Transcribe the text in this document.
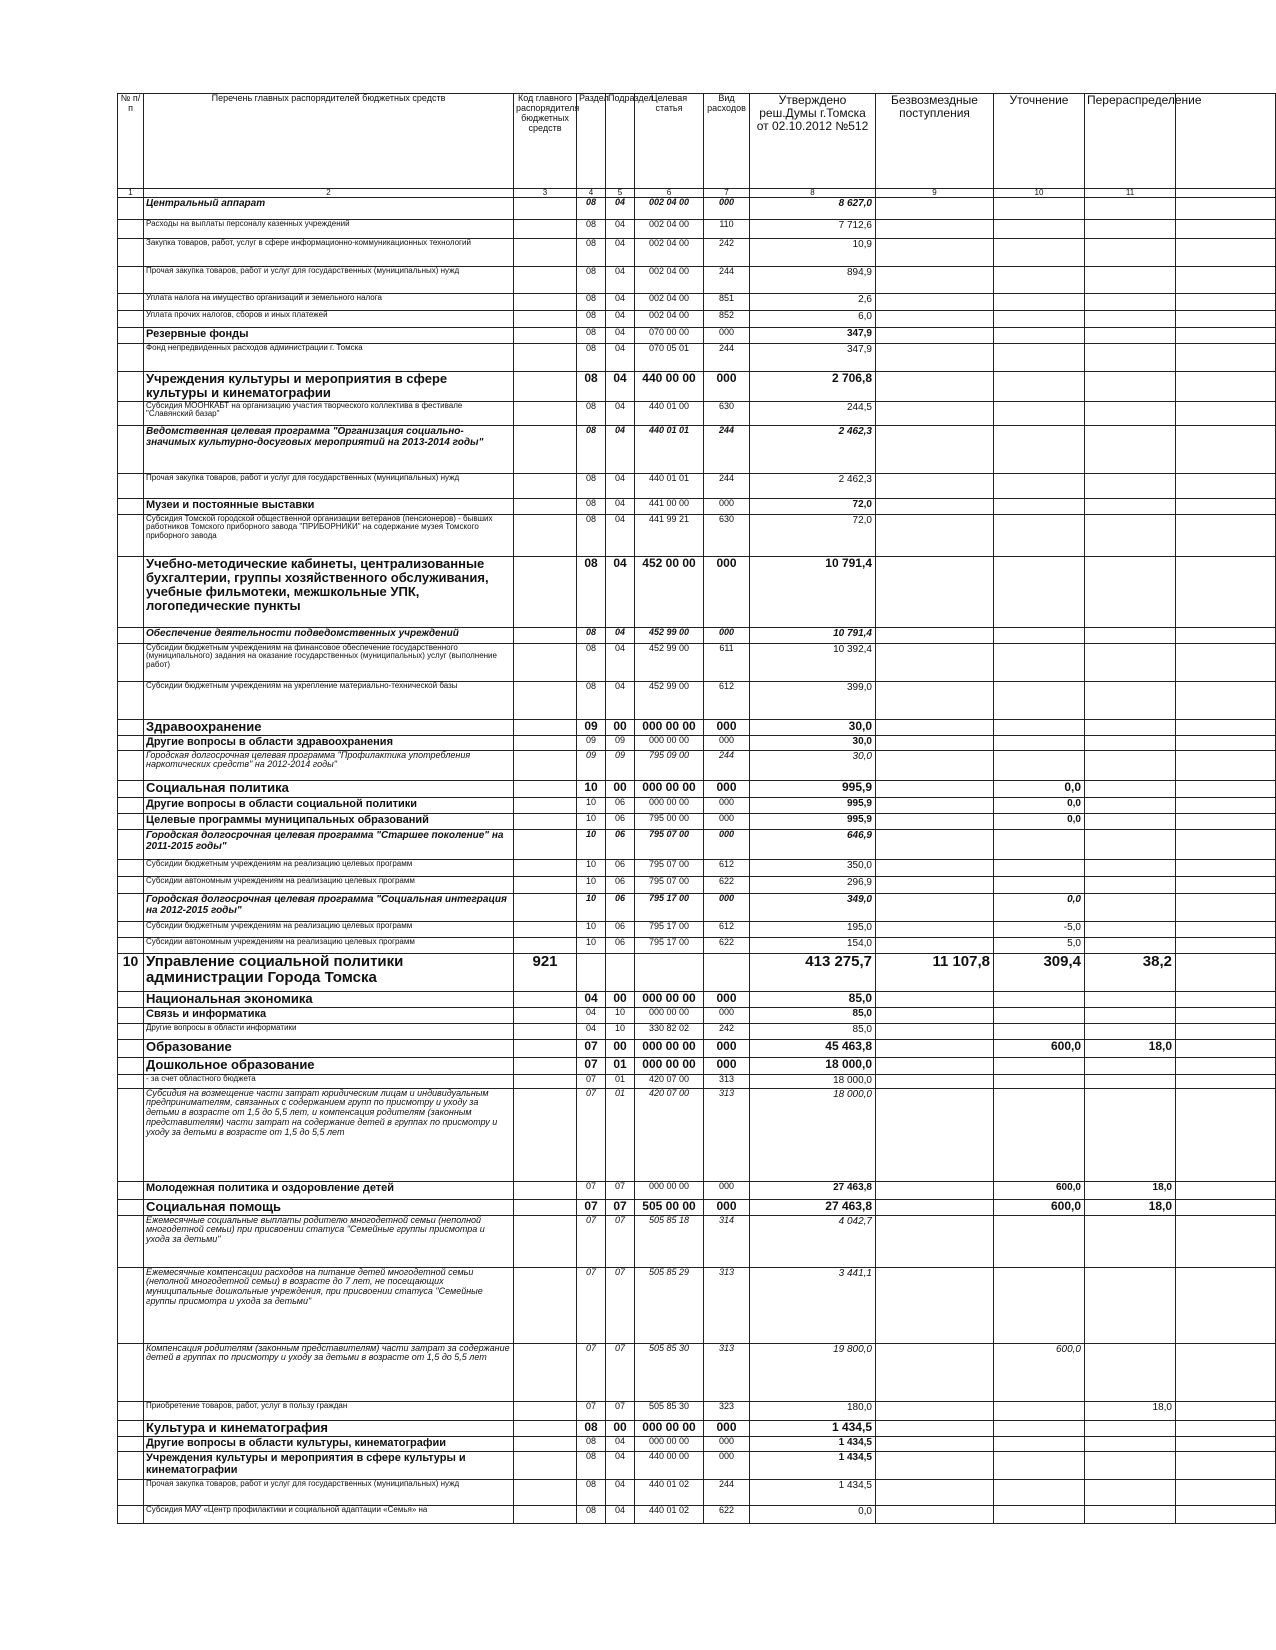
№ п/п	Перечень главных распорядителей бюджетных средств	Код главного распорядителя бюджетных средств	Раздел	Подраздел	Целевая статья	Вид расходов	Утверждено реш.Думы г.Томска от 02.10.2012 №512	Безвозмездные поступления	Уточнение	Перераспределение	
1	2	3	4	5	6	7	8	9	10	11	
	Центральный аппарат		08	04	002 04 00	000	8 627,0				
	Расходы на выплаты персоналу казенных учреждений		08	04	002 04 00	110	7 712,6				
	Закупка товаров, работ, услуг в сфере информационно-коммуникационных технологий		08	04	002 04 00	242	10,9				
	Прочая закупка товаров, работ и услуг для государственных (муниципальных) нужд		08	04	002 04 00	244	894,9				
	Уплата налога на имущество организаций и земельного налога		08	04	002 04 00	851	2,6				
	Уплата прочих налогов, сборов и иных платежей		08	04	002 04 00	852	6,0				
	Резервные фонды		08	04	070 00 00	000	347,9				
	Фонд непредвиденных расходов администрации г. Томска		08	04	070 05 01	244	347,9				
	Учреждения культуры и мероприятия в сфере культуры и кинематографии		08	04	440 00 00	000	2 706,8				
	Субсидия МООНКАБТ на организацию участия творческого коллектива в фестивале "Славянский базар"		08	04	440 01 00	630	244,5				
	Ведомственная целевая программа "Организация социально-значимых культурно-досуговых мероприятий на 2013-2014 годы"		08	04	440 01 01	244	2 462,3				
	Прочая закупка товаров, работ и услуг для государственных (муниципальных) нужд		08	04	440 01 01	244	2 462,3				
	Музеи и постоянные выставки		08	04	441 00 00	000	72,0				
	Субсидия Томской городской общественной организации ветеранов (пенсионеров) - бывших работников Томского приборного завода "ПРИБОРНИКИ" на содержание музея Томского приборного завода		08	04	441 99 21	630	72,0				
	Учебно-методические кабинеты, централизованные бухгалтерии, группы хозяйственного обслуживания, учебные фильмотеки, межшкольные УПК, логопедические пункты		08	04	452 00 00	000	10 791,4				
	Обеспечение деятельности подведомственных учреждений		08	04	452 99 00	000	10 791,4				
	Субсидии бюджетным учреждениям на финансовое обеспечение государственного (муниципального) задания на оказание государственных (муниципальных) услуг (выполнение работ)		08	04	452 99 00	611	10 392,4				
	Субсидии бюджетным учреждениям на укрепление материально-технической базы		08	04	452 99 00	612	399,0				
	Здравоохранение		09	00	000 00 00	000	30,0				
	Другие вопросы в области здравоохранения		09	09	000 00 00	000	30,0				
	Городская долгосрочная целевая программа "Профилактика употребления наркотических средств" на 2012-2014 годы"		09	09	795 09 00	244	30,0				
	Социальная политика		10	00	000 00 00	000	995,9		0,0		
	Другие вопросы в области социальной политики		10	06	000 00 00	000	995,9		0,0		
	Целевые программы муниципальных образований		10	06	795 00 00	000	995,9		0,0		
	Городская долгосрочная целевая программа "Старшее поколение" на 2011-2015 годы"		10	06	795 07 00	000	646,9				
	Субсидии бюджетным учреждениям на реализацию целевых программ		10	06	795 07 00	612	350,0				
	Субсидии автономным учреждениям на реализацию целевых программ		10	06	795 07 00	622	296,9				
	Городская долгосрочная целевая программа "Социальная интеграция на 2012-2015 годы"		10	06	795 17 00	000	349,0		0,0		
	Субсидии бюджетным учреждениям на реализацию целевых программ		10	06	795 17 00	612	195,0		-5,0		
	Субсидии автономным учреждениям на реализацию целевых программ		10	06	795 17 00	622	154,0		5,0		
10	Управление социальной политики администрации Города Томска	921					413 275,7	11 107,8	309,4	38,2	
	Национальная экономика		04	00	000 00 00	000	85,0				
	Связь и информатика		04	10	000 00 00	000	85,0				
	Другие вопросы в области информатики		04	10	330 82 02	242	85,0				
	Образование		07	00	000 00 00	000	45 463,8		600,0	18,0	
	Дошкольное образование		07	01	000 00 00	000	18 000,0				
	- за счет областного бюджета		07	01	420 07 00	313	18 000,0				
	Субсидия на возмещение части затрат юридическим лицам и индивидуальным предпринимателям, связанных с содержанием групп по присмотру и уходу за детьми в возрасте от 1,5 до 5,5 лет, и компенсация родителям (законным представителям) части затрат на содержание детей в группах по присмотру и уходу за детьми в возрасте от 1,5 до 5,5 лет		07	01	420 07 00	313	18 000,0				
	Молодежная политика и оздоровление детей		07	07	000 00 00	000	27 463,8		600,0	18,0	
	Социальная помощь		07	07	505 00 00	000	27 463,8		600,0	18,0	
	Ежемесячные социальные выплаты родителю многодетной семьи (неполной многодетной семьи) при присвоении статуса "Семейные группы присмотра и ухода за детьми"		07	07	505 85 18	314	4 042,7				
	Ежемесячные компенсации расходов на питание детей многодетной семьи (неполной многодетной семьи) в возрасте до 7 лет, не посещающих муниципальные дошкольные учреждения, при присвоении статуса "Семейные группы присмотра и ухода за детьми"		07	07	505 85 29	313	3 441,1				
	Компенсация родителям (законным представителям) части затрат за содержание детей в группах по присмотру и уходу за детьми в возрасте от 1,5 до 5,5 лет		07	07	505 85 30	313	19 800,0		600,0		
	Приобретение товаров, работ, услуг в пользу граждан		07	07	505 85 30	323	180,0			18,0	
	Культура и кинематография		08	00	000 00 00	000	1 434,5				
	Другие вопросы в области культуры, кинематографии		08	04	000 00 00	000	1 434,5				
	Учреждения культуры и мероприятия в сфере культуры и кинематографии		08	04	440 00 00	000	1 434,5				
	Прочая закупка товаров, работ и услуг для государственных (муниципальных) нужд		08	04	440 01 02	244	1 434,5				
	Субсидия МАУ «Центр профилактики и социальной адаптации «Семья» на		08	04	440 01 02	622	0,0				
